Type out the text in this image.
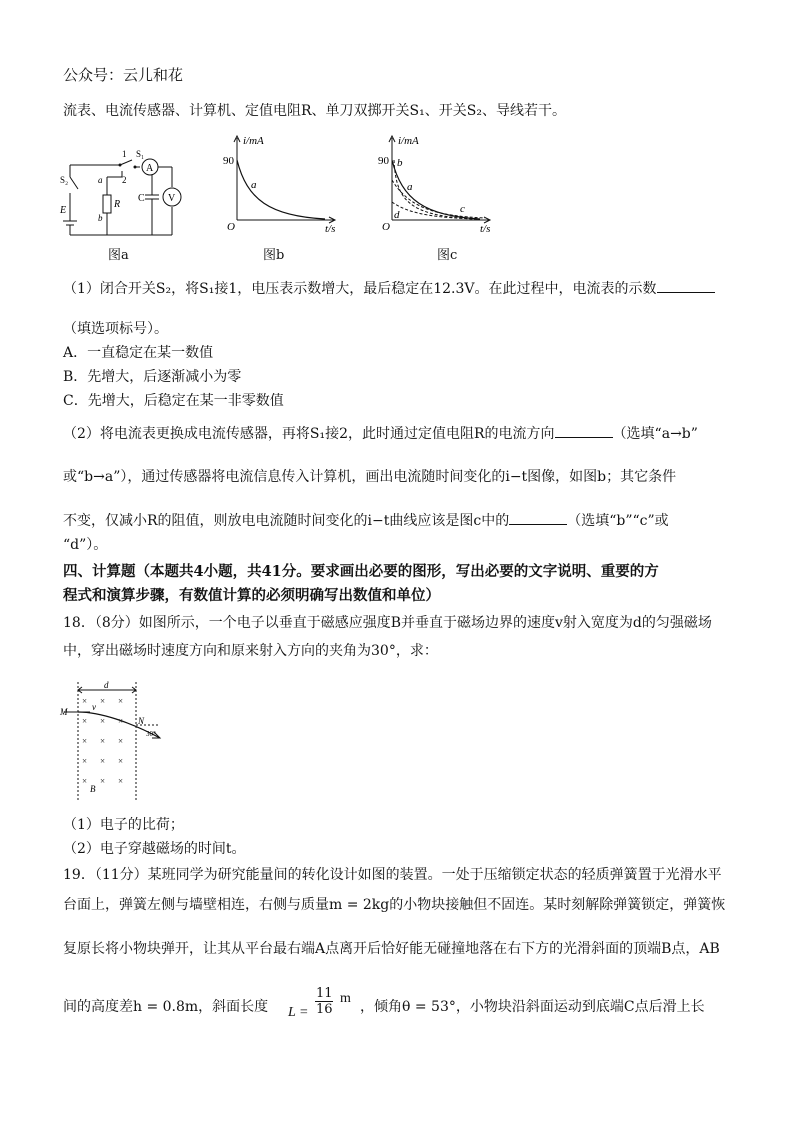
公众号：云儿和花
流表、电流传感器、计算机、定值电阻R、单刀双掷开关S₁、开关S₂、导线若干。
1 S₁
2
S₂
E
a
b
R
C
A
V
图a
i/mA
90
a
O	t/s
图b
i/mA
90 b
a
c
d
O	t/s
图c
（1）闭合开关S₂，将S₁接1，电压表示数增大，最后稳定在12.3V。在此过程中，电流表的示数
（填选项标号）。
A．一直稳定在某一数值
B．先增大，后逐渐减小为零
C．先增大，后稳定在某一非零数值
（2）将电流表更换成电流传感器，再将S₁接2，此时通过定值电阻R的电流方向	（选填“a→b”
或“b→a”），通过传感器将电流信息传入计算机，画出电流随时间变化的i−t图像，如图b；其它条件
不变，仅减小R的阻值，则放电电流随时间变化的i−t曲线应该是图c中的	（选填“b”“c”或
“d”）。
四、计算题（本题共4小题，共41分。要求画出必要的图形，写出必要的文字说明、重要的方
程式和演算步骤，有数值计算的必须明确写出数值和单位）
18．（8分）如图所示，一个电子以垂直于磁感应强度B并垂直于磁场边界的速度v射入宽度为d的匀强磁场
中，穿出磁场时速度方向和原来射入方向的夹角为30°，求：
× × ×
× × ×
× × ×
× × ×
× × ×
d
M	v
N
30°
B
（1）电子的比荷；
（2）电子穿越磁场的时间t。
19．（11分）某班同学为研究能量间的转化设计如图的装置。一处于压缩锁定状态的轻质弹簧置于光滑水平
台面上，弹簧左侧与墙壁相连，右侧与质量m = 2kg的小物块接触但不固连。某时刻解除弹簧锁定，弹簧恢
复原长将小物块弹开，让其从平台最右端A点离开后恰好能无碰撞地落在右下方的光滑斜面的顶端B点，AB
间的高度差h = 0.8m，斜面长度 $L = \frac{11}{16}$ m
，倾角θ = 53°，小物块沿斜面运动到底端C点后滑上长
